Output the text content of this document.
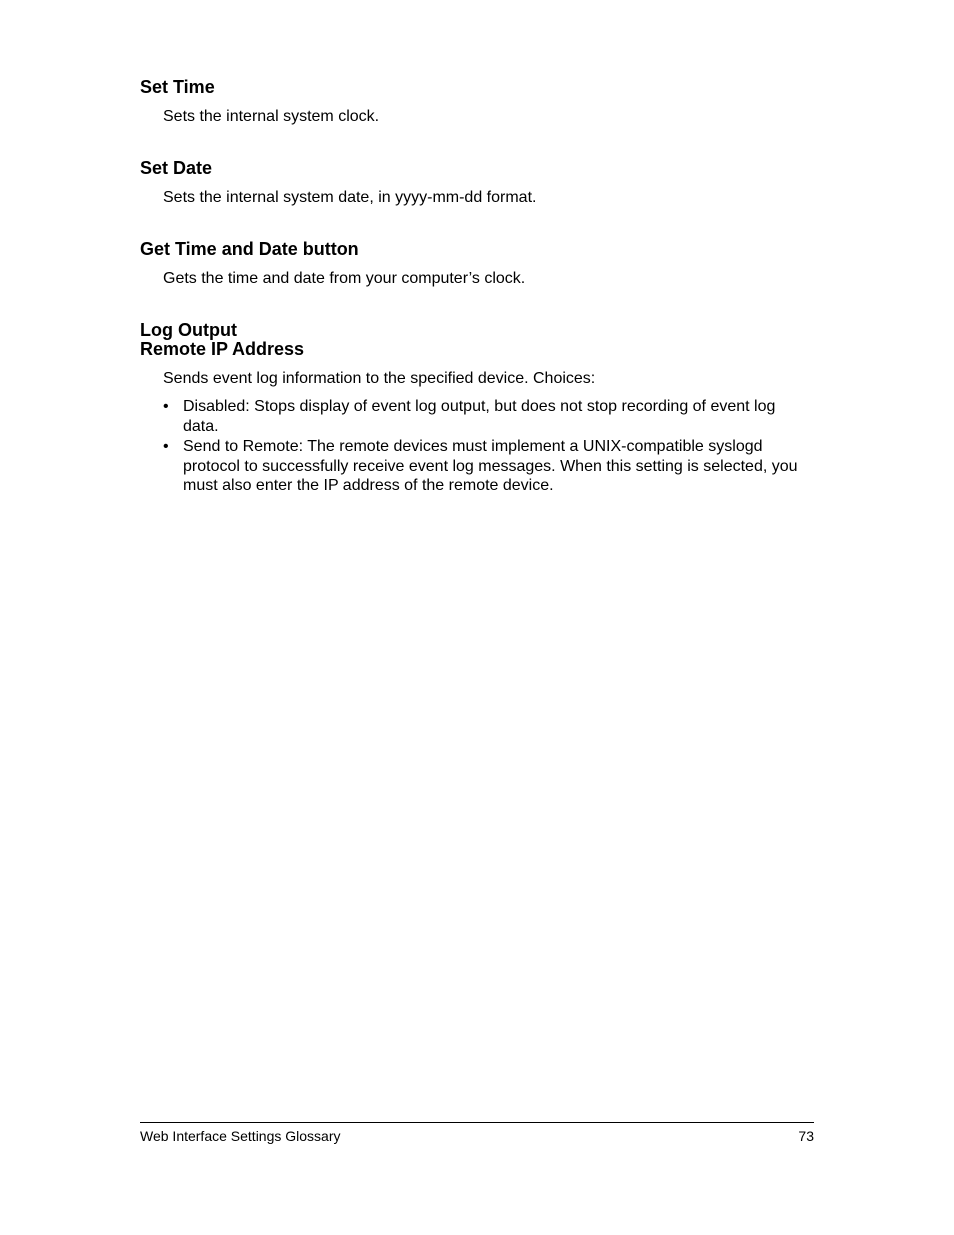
Set Time

Sets the internal system clock.

Set Date

Sets the internal system date, in yyyy-mm-dd format.

Get Time and Date button

Gets the time and date from your computer’s clock.

Log Output

Remote IP Address

Sends event log information to the specified device. Choices:

• Disabled: Stops display of event log output, but does not stop recording of event log data.
• Send to Remote: The remote devices must implement a UNIX-compatible syslogd protocol to successfully receive event log messages. When this setting is selected, you must also enter the IP address of the remote device.
Web Interface Settings Glossary	73
